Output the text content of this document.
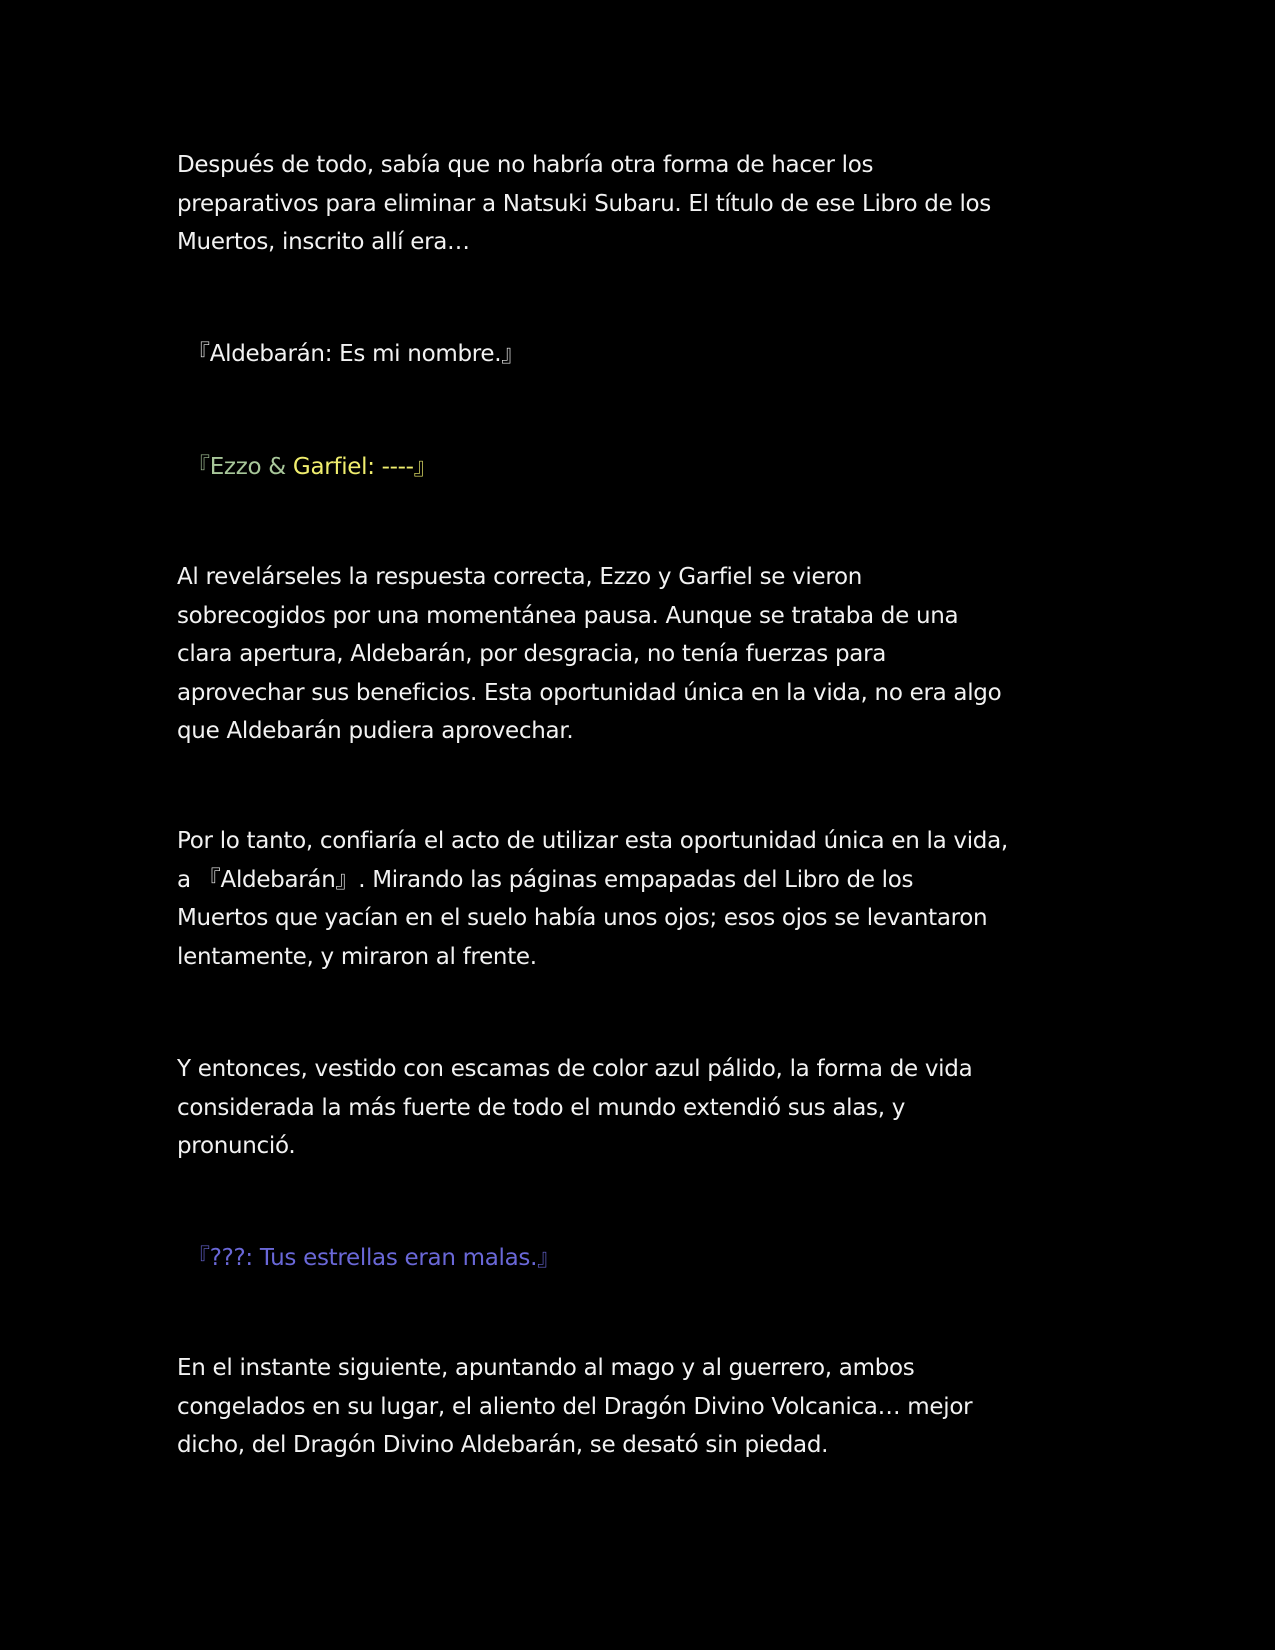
Después de todo, sabía que no habría otra forma de hacer los
preparativos para eliminar a Natsuki Subaru. El título de ese Libro de los
Muertos, inscrito allí era…

『Aldebarán: Es mi nombre.』

『Ezzo & Garfiel: ----』

Al revelárseles la respuesta correcta, Ezzo y Garfiel se vieron
sobrecogidos por una momentánea pausa. Aunque se trataba de una
clara apertura, Aldebarán, por desgracia, no tenía fuerzas para
aprovechar sus beneficios. Esta oportunidad única en la vida, no era algo
que Aldebarán pudiera aprovechar.

Por lo tanto, confiaría el acto de utilizar esta oportunidad única en la vida,
a 『Aldebarán』. Mirando las páginas empapadas del Libro de los
Muertos que yacían en el suelo había unos ojos; esos ojos se levantaron
lentamente, y miraron al frente.

Y entonces, vestido con escamas de color azul pálido, la forma de vida
considerada la más fuerte de todo el mundo extendió sus alas, y
pronunció.

『???: Tus estrellas eran malas.』

En el instante siguiente, apuntando al mago y al guerrero, ambos
congelados en su lugar, el aliento del Dragón Divino Volcanica… mejor
dicho, del Dragón Divino Aldebarán, se desató sin piedad.
